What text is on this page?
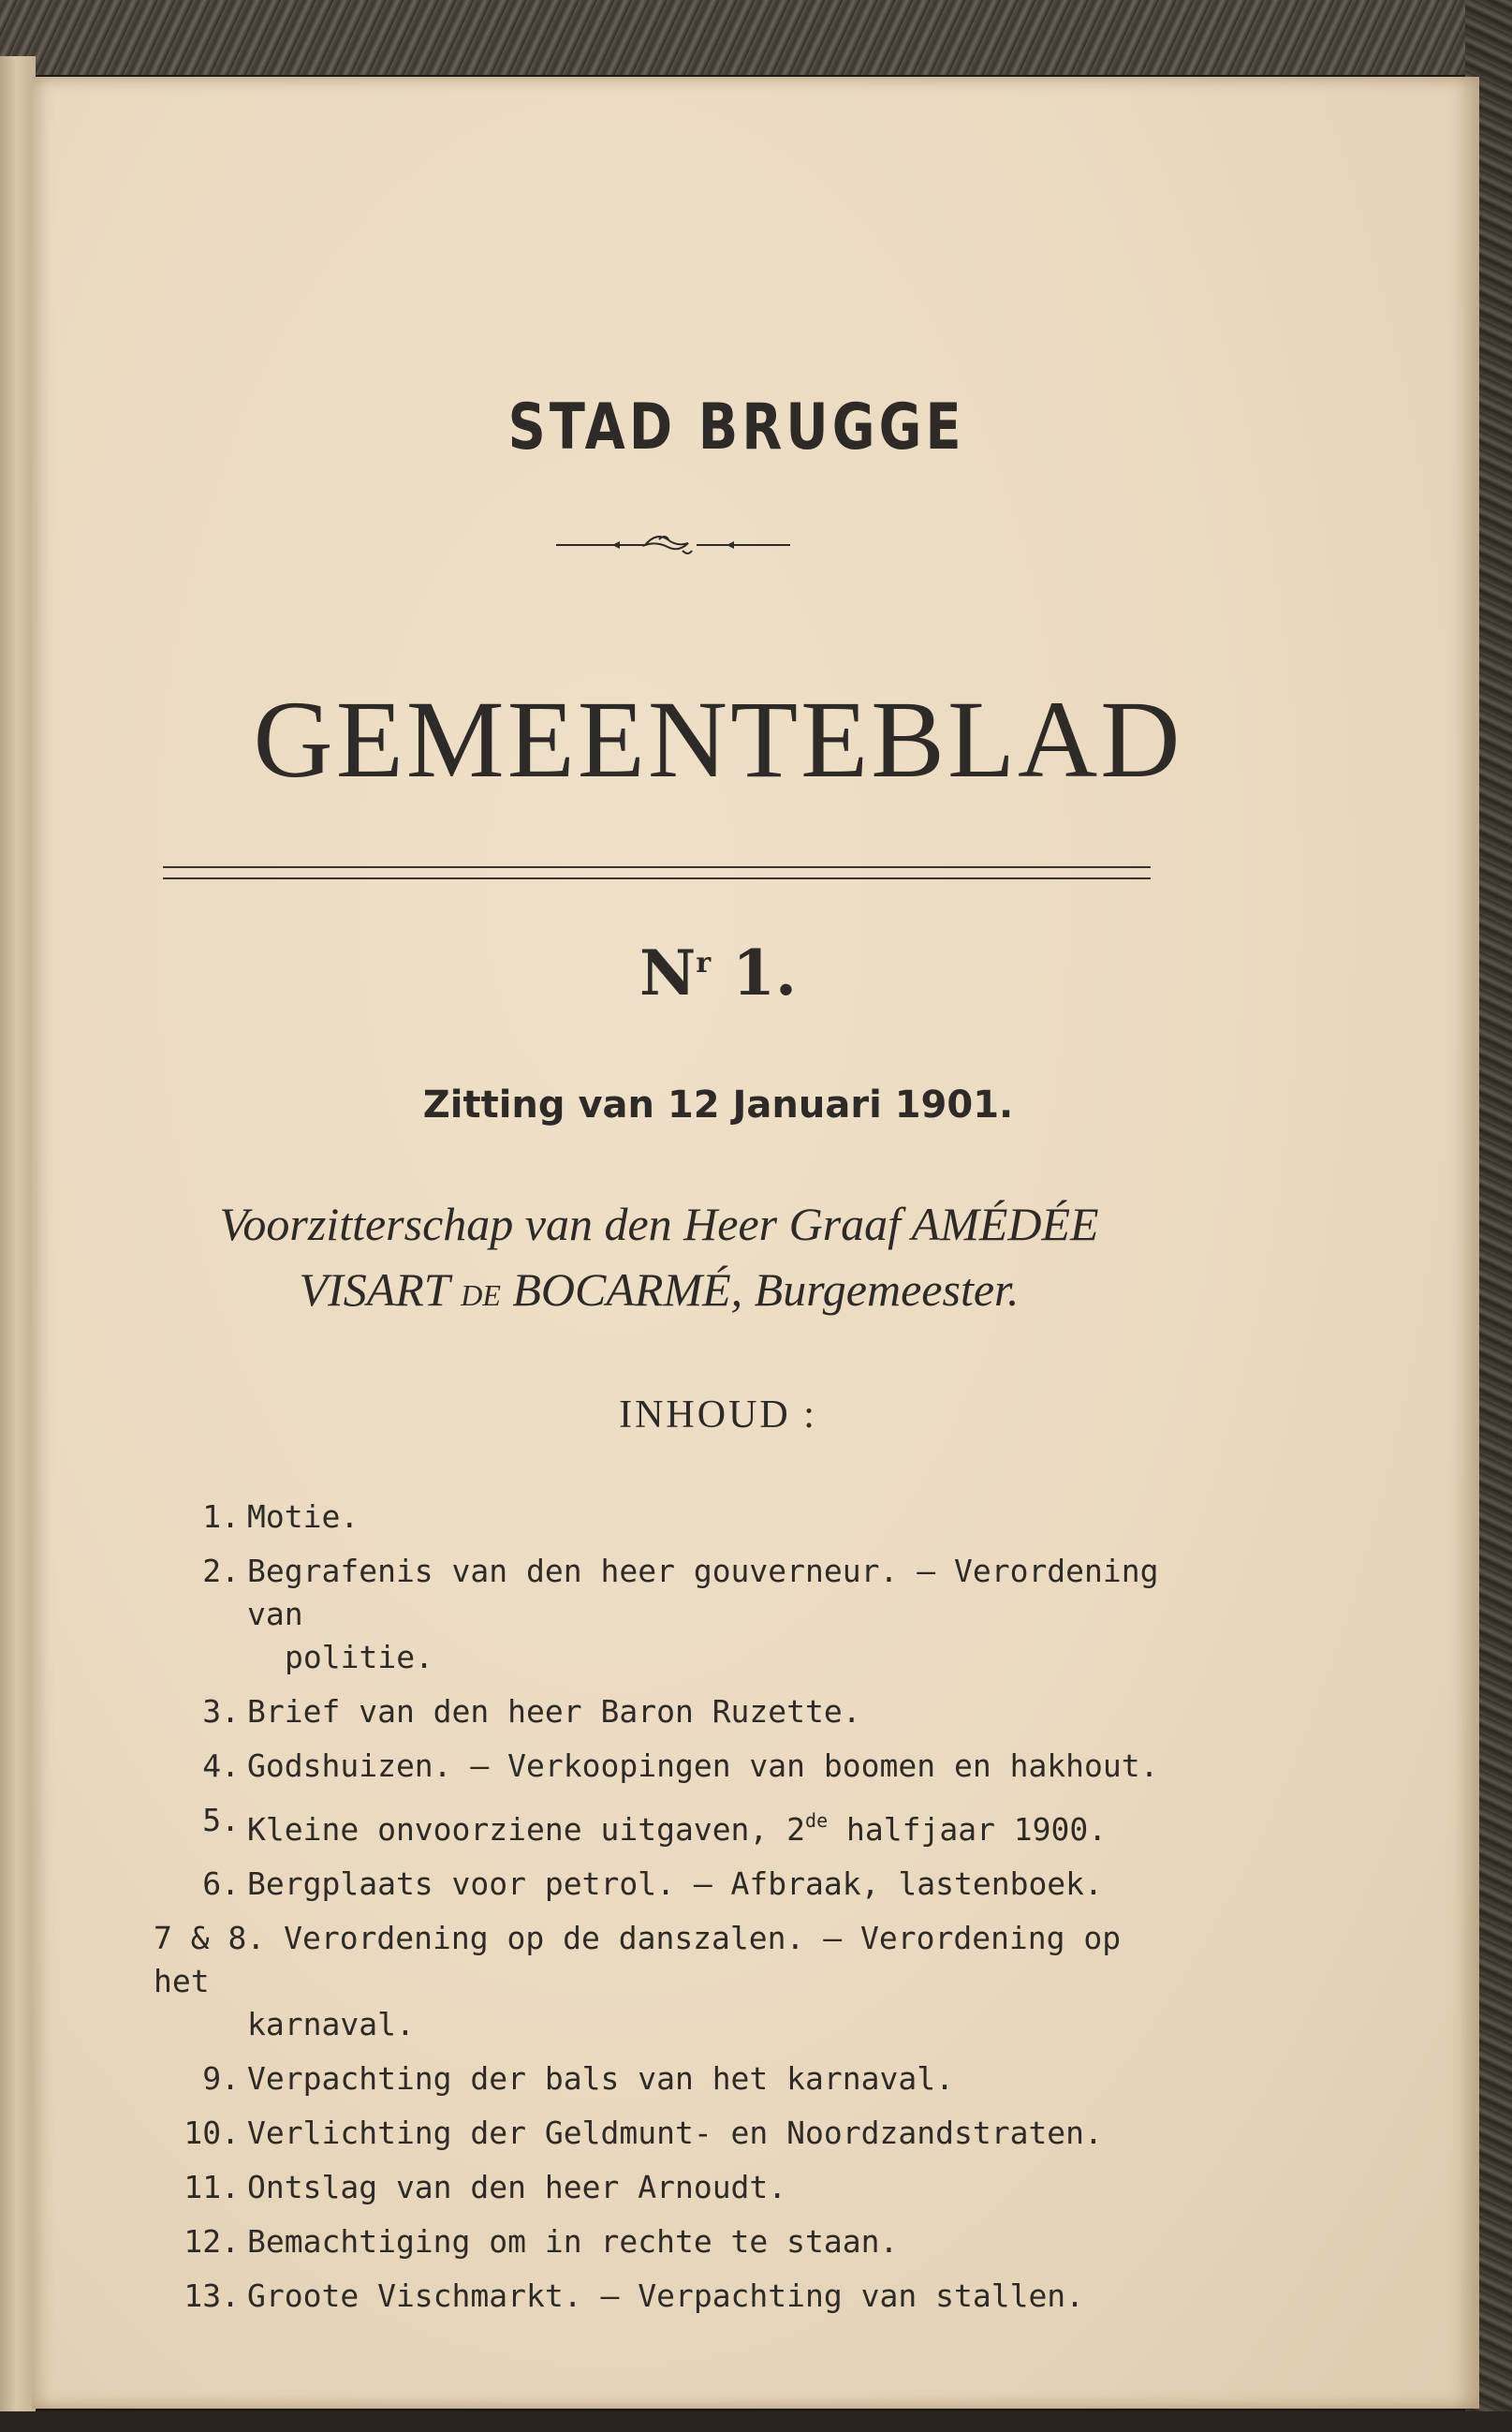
STAD BRUGGE
GEMEENTEBLAD
$N^r$ 1.
Zitting van 12 Januari 1901.
Voorzitterschap van den Heer Graaf AMÉDÉE
VISART DE BOCARMÉ, Burgemeester.
INHOUD :
1. Motie.
2. Begrafenis van den heer gouverneur. — Verordening van
politie.
3. Brief van den heer Baron Ruzette.
4. Godshuizen. — Verkoopingen van boomen en hakhout.
5. Kleine onvoorziene uitgaven, 2de halfjaar 1900.
6. Bergplaats voor petrol. — Afbraak, lastenboek.
7 & 8. Verordening op de danszalen. — Verordening op het
karnaval.
9. Verpachting der bals van het karnaval.
10. Verlichting der Geldmunt- en Noordzandstraten.
11. Ontslag van den heer Arnoudt.
12. Bemachtiging om in rechte te staan.
13. Groote Vischmarkt. — Verpachting van stallen.
